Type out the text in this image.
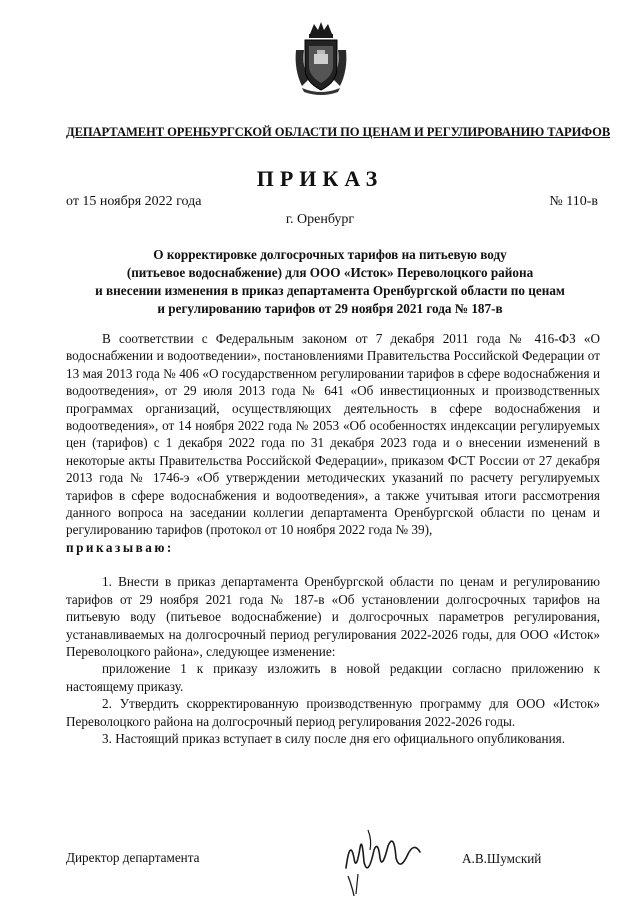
ДЕПАРТАМЕНТ ОРЕНБУРГСКОЙ ОБЛАСТИ ПО ЦЕНАМ И РЕГУЛИРОВАНИЮ ТАРИФОВ
ПРИКАЗ
от 15 ноября 2022 года	№ 110-в
г. Оренбург
О корректировке долгосрочных тарифов на питьевую воду
(питьевое водоснабжение) для ООО «Исток» Переволоцкого района
и внесении изменения в приказ департамента Оренбургской области по ценам
и регулированию тарифов от 29 ноября 2021 года № 187-в

В соответствии с Федеральным законом от 7 декабря 2011 года № 416-ФЗ «О водоснабжении и водоотведении», постановлениями Правительства Российской Федерации от 13 мая 2013 года № 406 «О государственном регулировании тарифов в сфере водоснабжения и водоотведения», от 29 июля 2013 года № 641 «Об инвестиционных и производственных программах организаций, осуществляющих деятельность в сфере водоснабжения и водоотведения», от 14 ноября 2022 года № 2053 «Об особенностях индексации регулируемых цен (тарифов) с 1 декабря 2022 года по 31 декабря 2023 года и о внесении изменений в некоторые акты Правительства Российской Федерации», приказом ФСТ России от 27 декабря 2013 года № 1746-э «Об утверждении методических указаний по расчету регулируемых тарифов в сфере водоснабжения и водоотведения», а также учитывая итоги рассмотрения данного вопроса на заседании коллегии департамента Оренбургской области по ценам и регулированию тарифов (протокол от 10 ноября 2022 года № 39),
приказываю:

1. Внести в приказ департамента Оренбургской области по ценам и регулированию тарифов от 29 ноября 2021 года № 187-в «Об установлении долгосрочных тарифов на питьевую воду (питьевое водоснабжение) и долгосрочных параметров регулирования, устанавливаемых на долгосрочный период регулирования 2022-2026 годы, для ООО «Исток» Переволоцкого района», следующее изменение:

приложение 1 к приказу изложить в новой редакции согласно приложению к настоящему приказу.

2. Утвердить скорректированную производственную программу для ООО «Исток» Переволоцкого района на долгосрочный период регулирования 2022-2026 годы.

3. Настоящий приказ вступает в силу после дня его официального опубликования.

Директор департамента	А.В.Шумский
